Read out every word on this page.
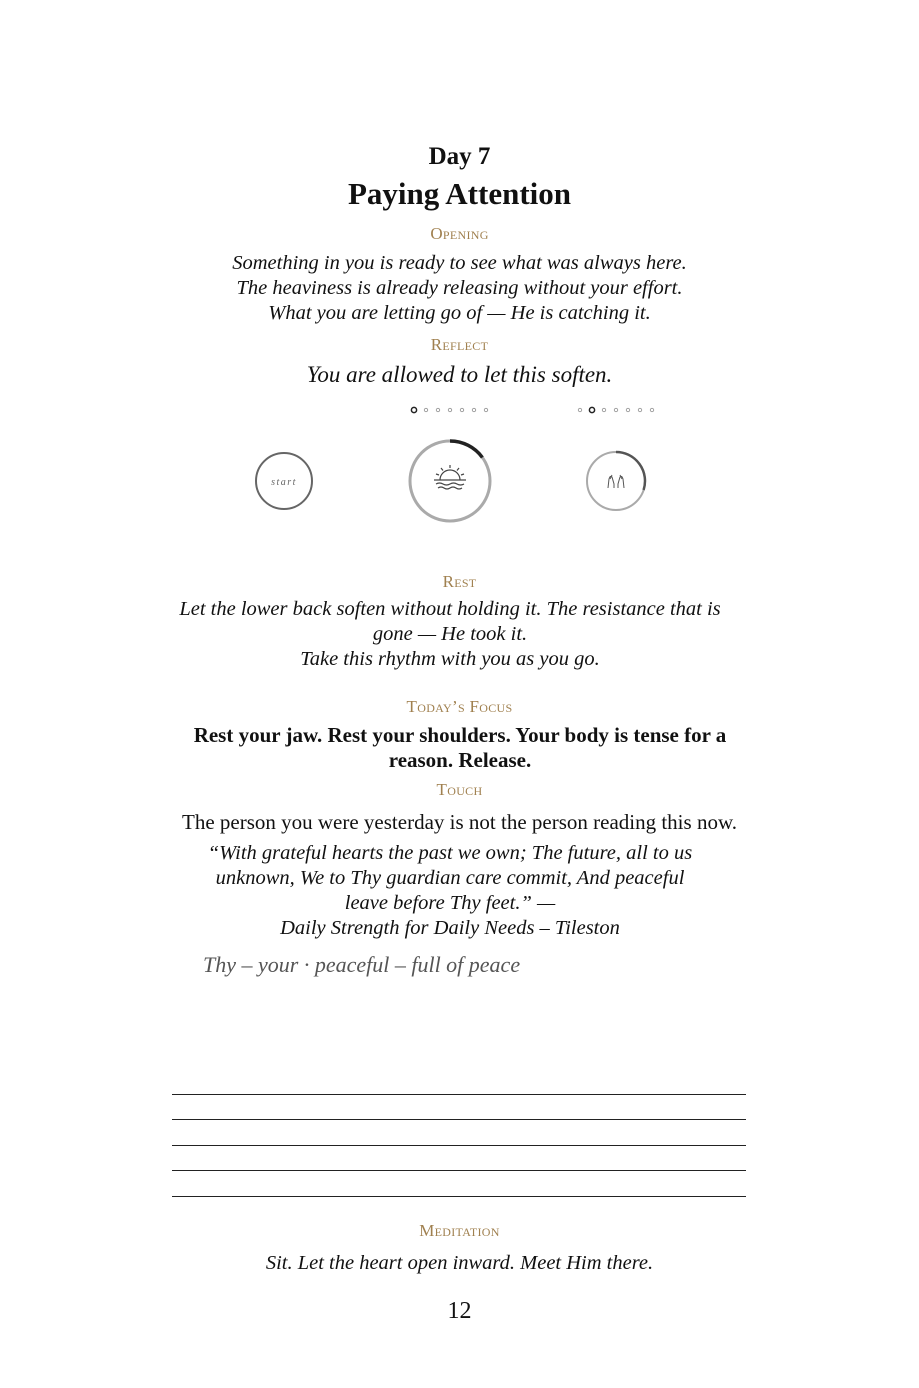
Day 7
Paying Attention
Opening
Something in you is ready to see what was always here.
The heaviness is already releasing without your effort.
What you are letting go of — He is catching it.
Reflect
You are allowed to let this soften.
start
Rest
Let the lower back soften without holding it. The resistance that is gone — He took it.
Take this rhythm with you as you go.
Today’s Focus
Rest your jaw. Rest your shoulders. Your body is tense for a reason. Release.
Touch
The person you were yesterday is not the person reading this now.
“With grateful hearts the past we own; The future, all to us unknown, We to Thy guardian care commit, And peaceful leave before Thy feet.” —
Daily Strength for Daily Needs – Tileston
Thy – your · peaceful – full of peace
Meditation
Sit. Let the heart open inward. Meet Him there.
12
